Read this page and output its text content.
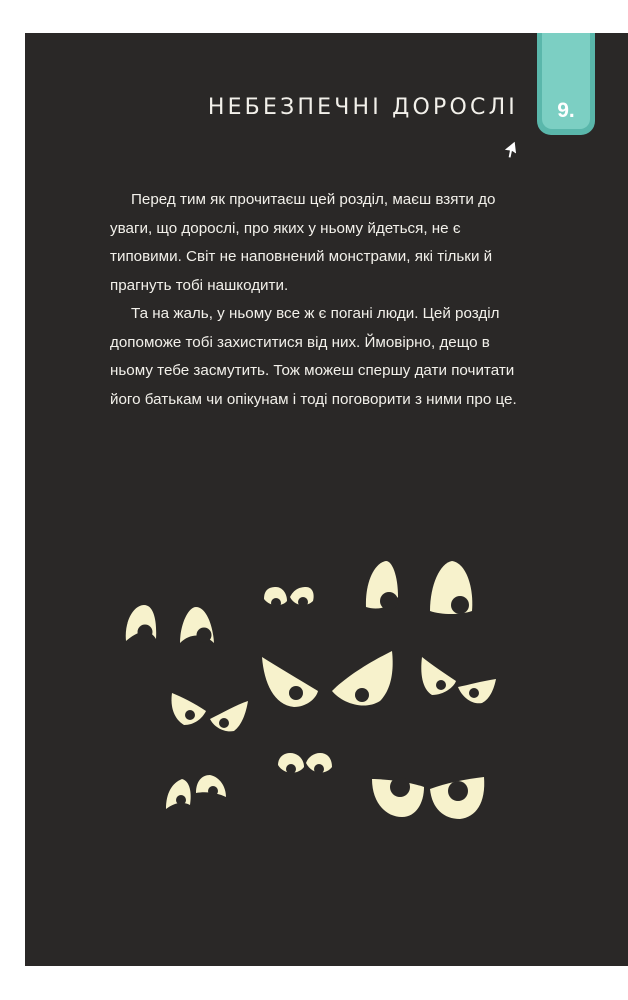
9.
НЕБЕЗПЕЧНІ ДОРОСЛІ

Перед тим як прочитаєш цей розділ, маєш взяти до уваги, що дорослі, про яких у ньому йдеться, не є типовими. Світ не наповнений монстрами, які тільки й прагнуть тобі нашкодити.

Та на жаль, у ньому все ж є погані люди. Цей розділ допоможе тобі захиститися від них. Ймовірно, дещо в ньому тебе засмутить. Тож можеш спершу дати почитати його батькам чи опікунам і тоді поговорити з ними про це.
